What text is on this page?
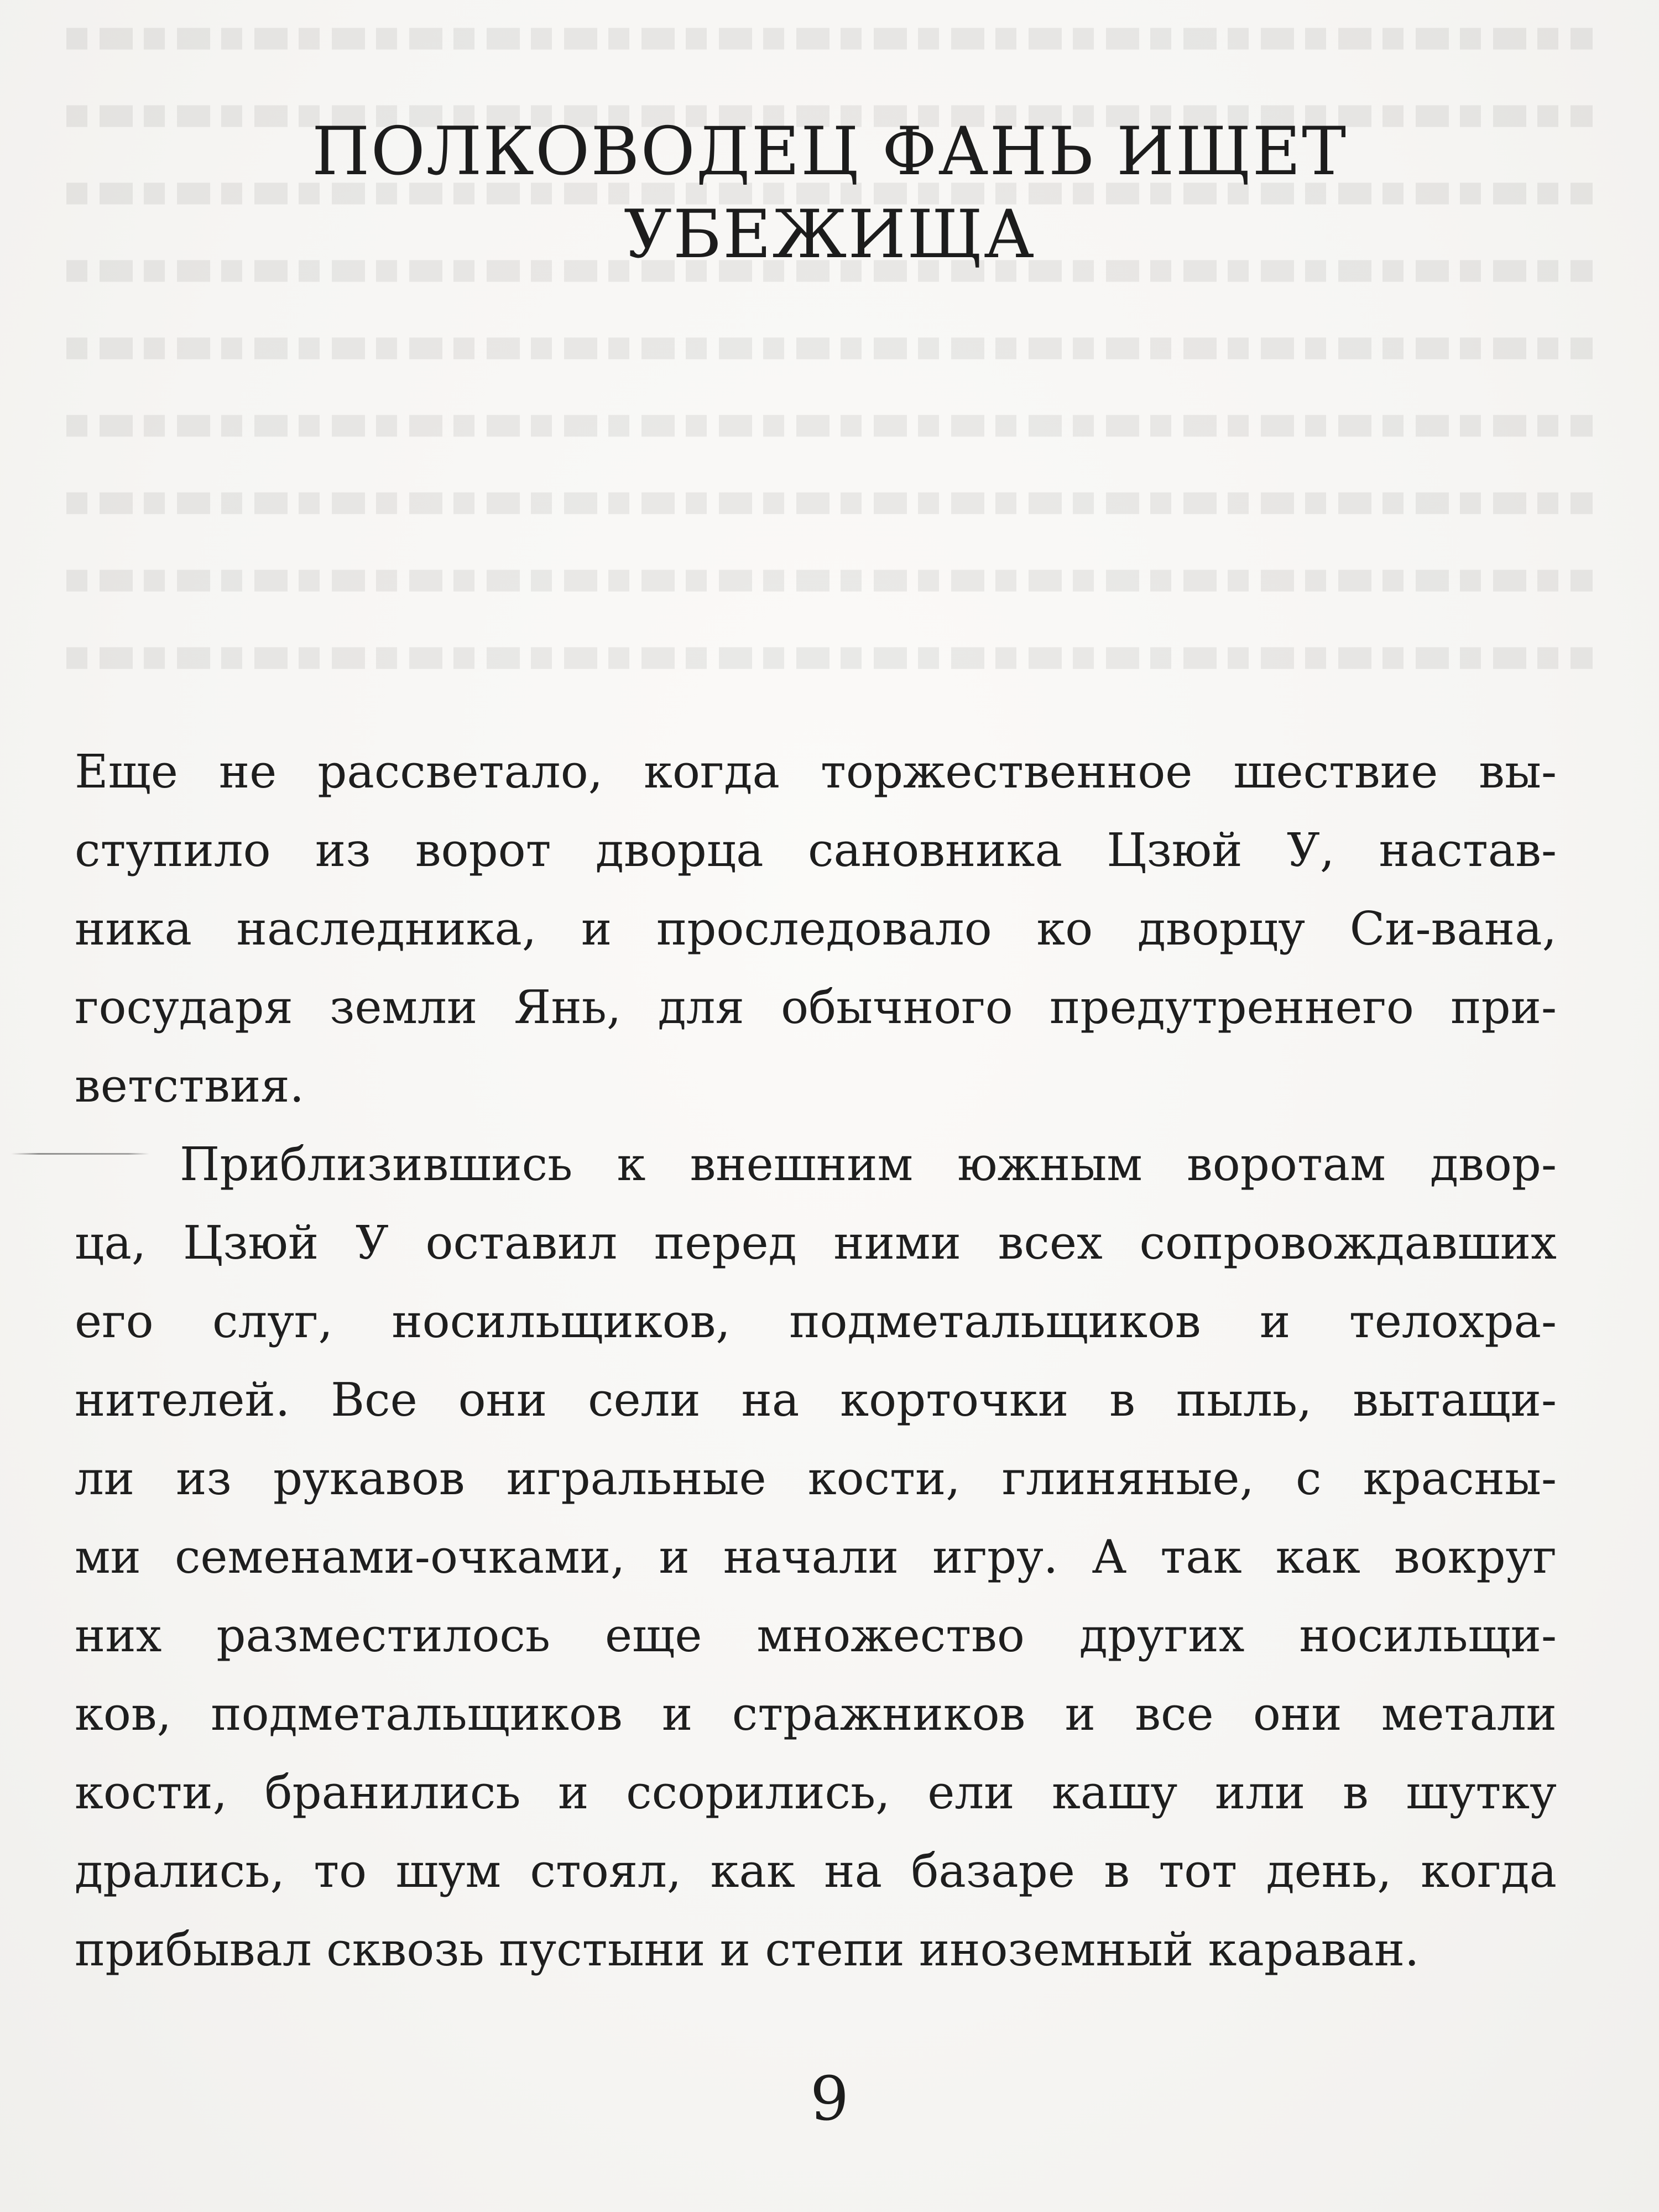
ПОЛКОВОДЕЦ ФАНЬ ИЩЕТ
УБЕЖИЩА

Еще не рассветало, когда торжественное шествие вы-
ступило из ворот дворца сановника Цзюй У, настав-
ника наследника, и проследовало ко дворцу Си-вана,
государя земли Янь, для обычного предутреннего при-
ветствия.

Приблизившись к внешним южным воротам двор-
ца, Цзюй У оставил перед ними всех сопровождавших
его слуг, носильщиков, подметальщиков и телохра-
нителей. Все они сели на корточки в пыль, вытащи-
ли из рукавов игральные кости, глиняные, с красны-
ми семенами-очками, и начали игру. А так как вокруг
них разместилось еще множество других носильщи-
ков, подметальщиков и стражников и все они метали
кости, бранились и ссорились, ели кашу или в шутку
дрались, то шум стоял, как на базаре в тот день, когда
прибывал сквозь пустыни и степи иноземный караван.

9
